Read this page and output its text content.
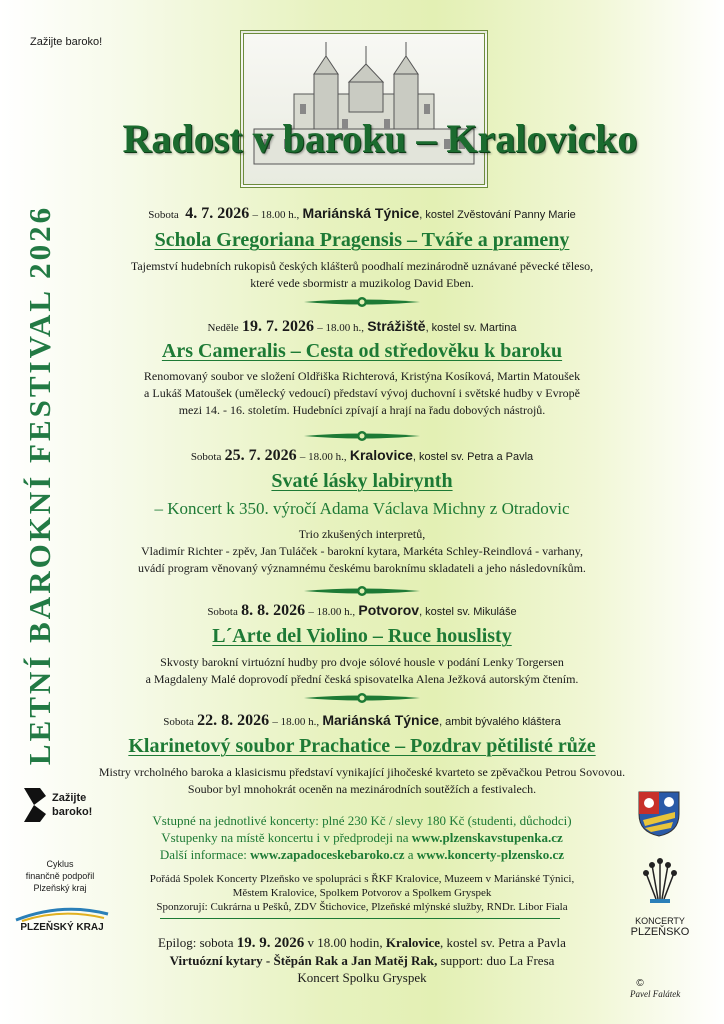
Zažijte baroko!
LETNÍ BAROKNÍ FESTIVAL 2026
Radost v baroku – Kralovicko
Sobota 4. 7. 2026 – 18.00 h., Mariánská Týnice, kostel Zvěstování Panny Marie
Schola Gregoriana Pragensis – Tváře a prameny
Tajemství hudebních rukopisů českých klášterů poodhalí mezinárodně uznávané pěvecké těleso,
které vede sbormistr a muzikolog David Eben.
Neděle 19. 7. 2026 – 18.00 h., Strážiště, kostel sv. Martina
Ars Cameralis – Cesta od středověku k baroku
Renomovaný soubor ve složení Oldřiška Richterová, Kristýna Kosíková, Martin Matoušek
a Lukáš Matoušek (umělecký vedoucí) představí vývoj duchovní i světské hudby v Evropě
mezi 14. - 16. stoletím. Hudebníci zpívají a hrají na řadu dobových nástrojů.
Sobota 25. 7. 2026 – 18.00 h., Kralovice, kostel sv. Petra a Pavla
Svaté lásky labirynth
– Koncert k 350. výročí Adama Václava Michny z Otradovic
Trio zkušených interpretů,
Vladimír Richter - zpěv, Jan Tuláček - barokní kytara, Markéta Schley-Reindlová - varhany,
uvádí program věnovaný významnému českému baroknímu skladateli a jeho následovníkům.
Sobota 8. 8. 2026 – 18.00 h., Potvorov, kostel sv. Mikuláše
L´Arte del Violino – Ruce houslisty
Skvosty barokní virtuózní hudby pro dvoje sólové housle v podání Lenky Torgersen
a Magdaleny Malé doprovodí přední česká spisovatelka Alena Ježková autorským čtením.
Sobota 22. 8. 2026 – 18.00 h., Mariánská Týnice, ambit bývalého kláštera
Klarinetový soubor Prachatice – Pozdrav pětilisté růže
Mistry vrcholného baroka a klasicismu představí vynikající jihočeské kvarteto se zpěvačkou Petrou Sovovou.
Soubor byl mnohokrát oceněn na mezinárodních soutěžích a festivalech.
Vstupné na jednotlivé koncerty: plné 230 Kč / slevy 180 Kč (studenti, důchodci)
Vstupenky na místě koncertu i v předprodeji na www.plzenskavstupenka.cz
Další informace: www.zapadoceskebaroko.cz a www.koncerty-plzensko.cz
Pořádá Spolek Koncerty Plzeňsko ve spolupráci s ŘKF Kralovice, Muzeem v Mariánské Týnici,
Městem Kralovice, Spolkem Potvorov a Spolkem Gryspek
Sponzorují: Cukrárna u Pešků, ZDV Štichovice, Plzeňské mlýnské služby, RNDr. Libor Fiala
Epilog: sobota 19. 9. 2026 v 18.00 hodin, Kralovice, kostel sv. Petra a Pavla
Virtuózní kytary - Štěpán Rak a Jan Matěj Rak, support: duo La Fresa
Koncert Spolku Gryspek
Zažijte baroko!
Cyklus
finančně podpořil
Plzeňský kraj
PLZEŇSKÝ KRAJ
KONCERTY
PLZEŇSKO
©
Pavel Falátek
